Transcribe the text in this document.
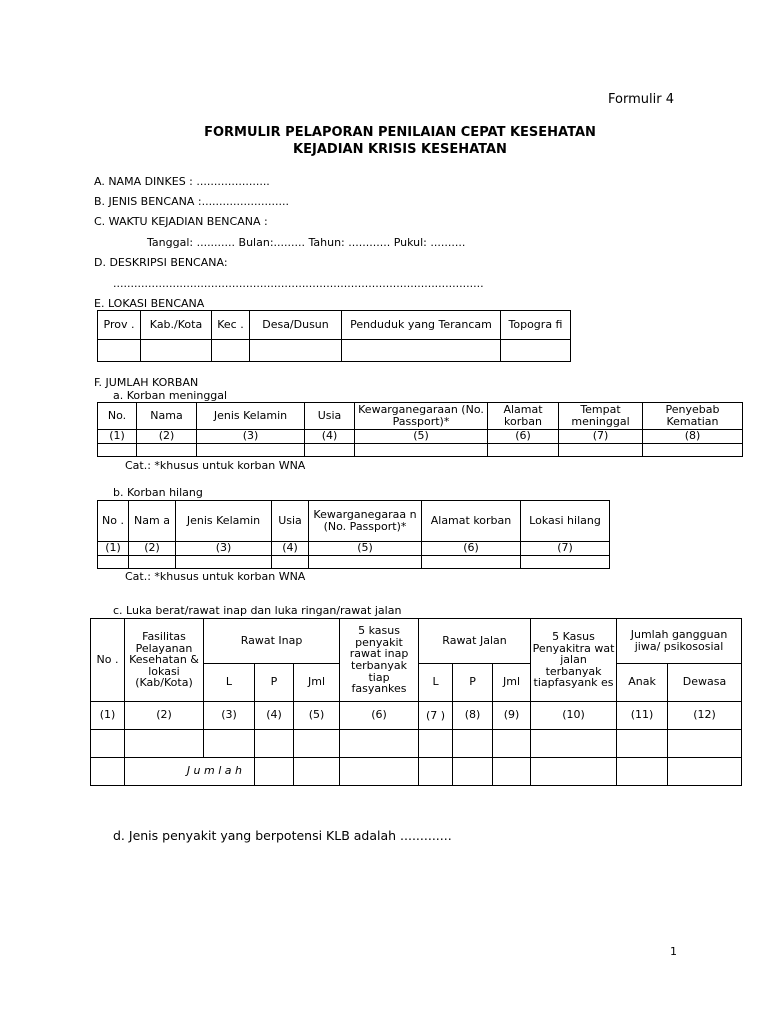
Formulir 4
FORMULIR PELAPORAN PENILAIAN CEPAT KESEHATAN
KEJADIAN KRISIS KESEHATAN
A. NAMA DINKES : .....................
B. JENIS BENCANA :.........................
C. WAKTU KEJADIAN BENCANA :
Tanggal: ........... Bulan:......... Tahun: ............ Pukul: ..........
D. DESKRIPSI BENCANA:
..........................................................................................................
E. LOKASI BENCANA
Prov .	Kab./Kota	Kec .	Desa/Dusun	Penduduk yang Terancam	Topogra fi

F. JUMLAH KORBAN
a. Korban meninggal
No.	Nama	Jenis Kelamin	Usia	Kewarganegaraan (No. Passport)*	Alamat korban	Tempat meninggal	Penyebab Kematian
(1)	(2)	(3)	(4)	(5)	(6)	(7)	(8)

Cat.: *khusus untuk korban WNA
b. Korban hilang
No .	Nam a	Jenis Kelamin	Usia	Kewarganegaraa n (No. Passport)*	Alamat korban	Lokasi hilang
(1)	(2)	(3)	(4)	(5)	(6)	(7)

Cat.: *khusus untuk korban WNA
c. Luka berat/rawat inap dan luka ringan/rawat jalan
No .	Fasilitas Pelayanan Kesehatan & lokasi (Kab/Kota)	Rawat Inap			5 kasus penyakit rawat inap terbanyak tiap fasyankes	Rawat Jalan			5 Kasus Penyakitra wat jalan terbanyak tiapfasyank es	Jumlah gangguan jiwa/ psikososial	
		L	P	Jml		L	P	Jml		Anak	Dewasa
(1)	(2)	(3)	(4)	(5)	(6)	(7 )	(8)	(9)	(10)	(11)	(12)

	J u m l a h										
d. Jenis penyakit yang berpotensi KLB adalah .............
1
